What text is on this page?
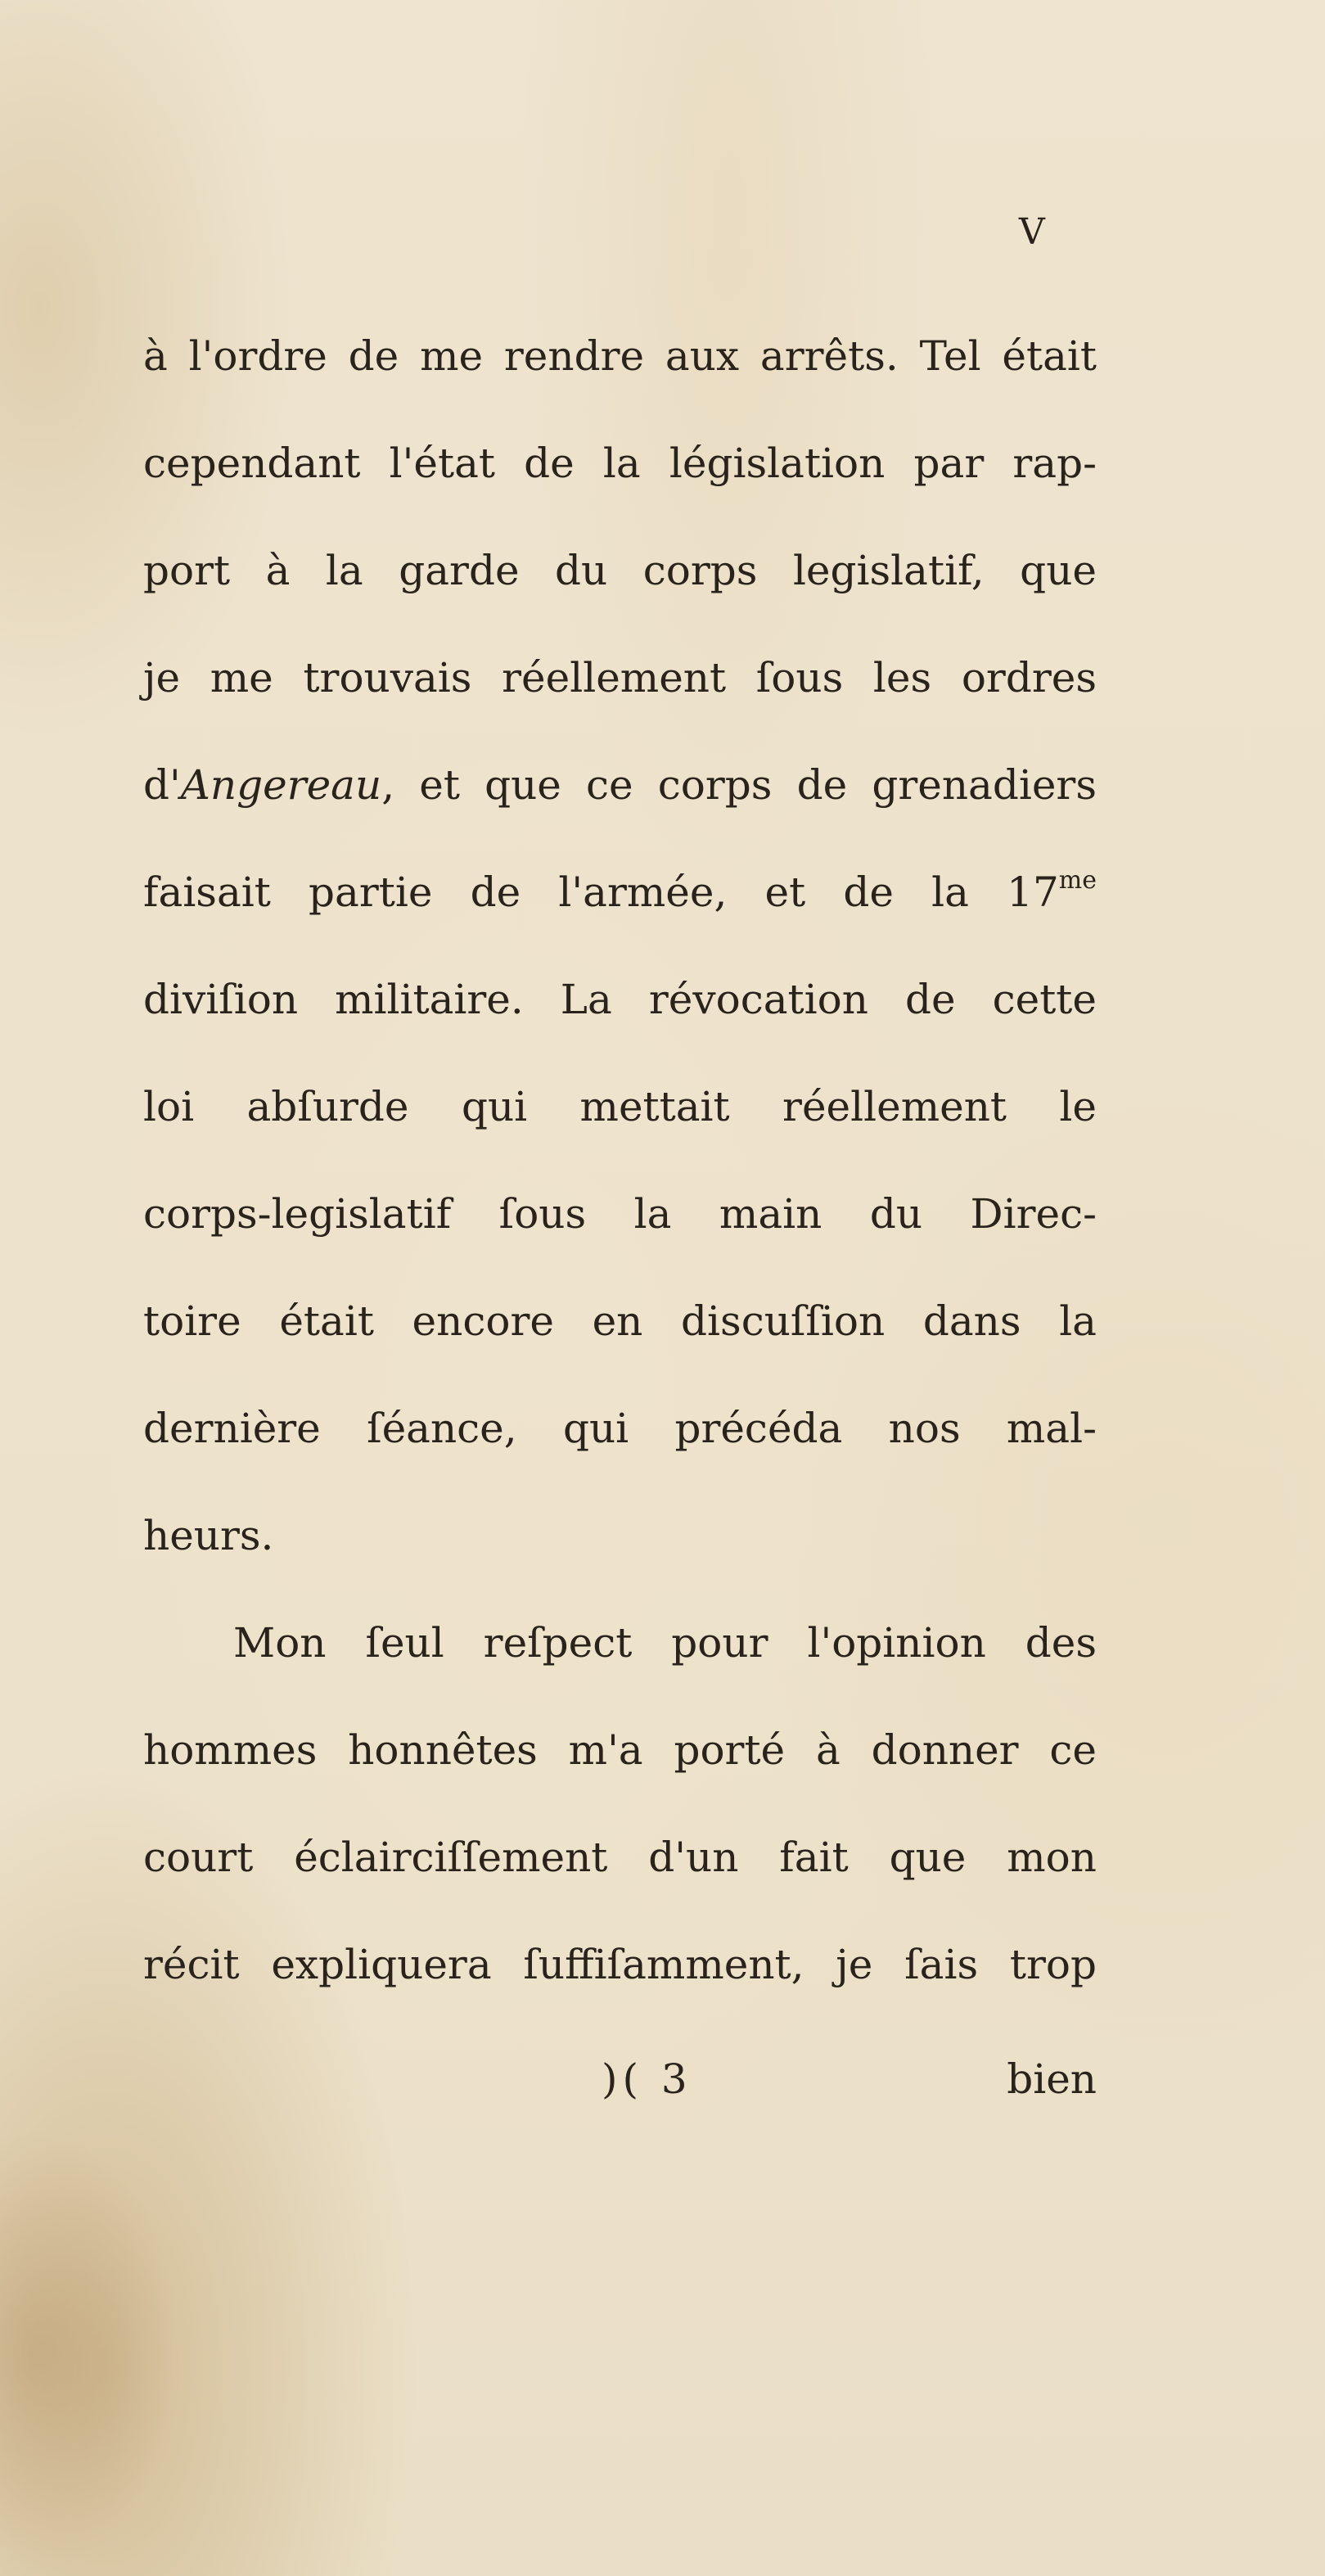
V
à l'ordre de me rendre aux arrêts. Tel était
cependant l'état de la législation par rap-
port à la garde du corps legislatif, que
je me trouvais réellement ſous les ordres
d'Angereau, et que ce corps de grenadiers
faisait partie de l'armée, et de la $17^{me}$
diviſion militaire. La révocation de cette
loi abſurde qui mettait réellement le
corps-legislatif ſous la main du Direc-
toire était encore en discuſſion dans la
dernière ſéance, qui précéda nos mal-
heurs.
Mon ſeul reſpect pour l'opinion des
hommes honnêtes m'a porté à donner ce
court éclairciſſement d'un fait que mon
récit expliquera ſuffiſamment, je ſais trop
)( 3	bien
